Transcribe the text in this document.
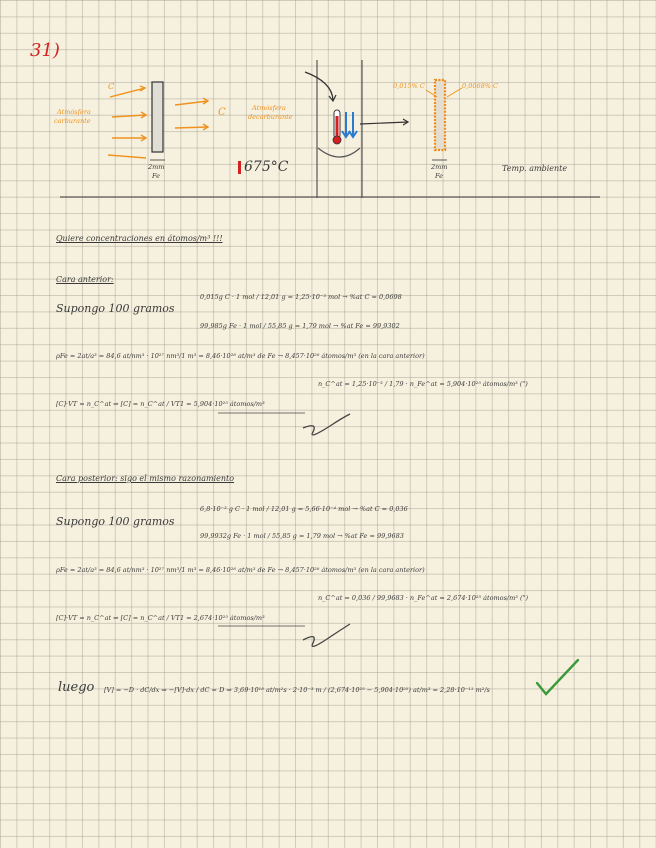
31)
C
Atmósfera
carburante
C	Atmósfera
decarburante
2mm
Fe
675°C
0,015% C	0,0068% C
2mm
Fe
Temp. ambiente
Quiere concentraciones en átomos/m³ !!!
Cara anterior:
Supongo 100 gramos
0,015g C · 1 mol / 12,01 g = 1,25·10⁻³ mol → %at C = 0,0698
99,985g Fe · 1 mol / 55,85 g = 1,79 mol → %at Fe = 99,9302
ρFe = 2at/a³ = 84,6 at/nm³ · 10²⁷ nm³/1 m³ = 8,46·10²⁸ at/m³ de Fe → 8,457·10²⁸ átomos/m³ (en la cara anterior)
n_C^at = 1,25·10⁻³ / 1,79 · n_Fe^at = 5,904·10²⁵ átomos/m³ (")
[C]·VT = n_C^at ⇒ [C] = n_C^at / VT1 = 5,904·10²⁵ átomos/m³
Cara posterior: sigo el mismo razonamiento
Supongo 100 gramos
6,8·10⁻³ g C · 1 mol / 12,01 g = 5,66·10⁻⁴ mol → %at C = 0,036
99,9932g Fe · 1 mol / 55,85 g = 1,79 mol → %at Fe = 99,9683
ρFe = 2at/a³ = 84,6 at/nm³ · 10²⁷ nm³/1 m³ = 8,46·10²⁸ at/m³ de Fe → 8,457·10²⁸ átomos/m³ (en la cara anterior)
n_C^at = 0,036 / 99,9683 · n_Fe^at = 2,674·10²⁵ átomos/m³ (")
[C]·VT = n_C^at ⇒ [C] = n_C^at / VT1 = 2,674·10²⁵ átomos/m³
luego [V] = −D · dC/dx ⇒ −[V]·dx / dC = D ⇒ 3,69·10¹⁸ at/m²s · 2·10⁻³ m / (2,674·10²⁵ − 5,904·10²⁵) at/m³ = 2,28·10⁻¹¹ m²/s
